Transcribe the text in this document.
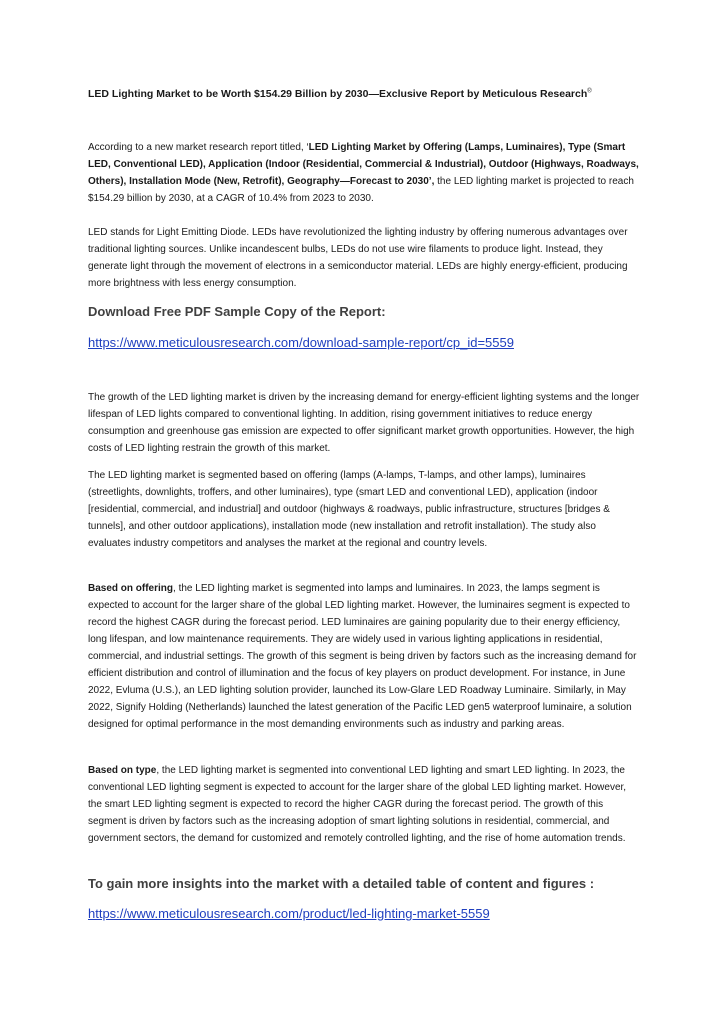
LED Lighting Market to be Worth $154.29 Billion by 2030—Exclusive Report by Meticulous Research®

According to a new market research report titled, ‘LED Lighting Market by Offering (Lamps, Luminaires), Type (Smart LED, Conventional LED), Application (Indoor (Residential, Commercial & Industrial), Outdoor (Highways, Roadways, Others), Installation Mode (New, Retrofit), Geography—Forecast to 2030’, the LED lighting market is projected to reach $154.29 billion by 2030, at a CAGR of 10.4% from 2023 to 2030.

LED stands for Light Emitting Diode. LEDs have revolutionized the lighting industry by offering numerous advantages over traditional lighting sources. Unlike incandescent bulbs, LEDs do not use wire filaments to produce light. Instead, they generate light through the movement of electrons in a semiconductor material. LEDs are highly energy-efficient, producing more brightness with less energy consumption.

Download Free PDF Sample Copy of the Report:
https://www.meticulousresearch.com/download-sample-report/cp_id=5559

The growth of the LED lighting market is driven by the increasing demand for energy-efficient lighting systems and the longer lifespan of LED lights compared to conventional lighting. In addition, rising government initiatives to reduce energy consumption and greenhouse gas emission are expected to offer significant market growth opportunities. However, the high costs of LED lighting restrain the growth of this market.

The LED lighting market is segmented based on offering (lamps (A-lamps, T-lamps, and other lamps), luminaires (streetlights, downlights, troffers, and other luminaires), type (smart LED and conventional LED), application (indoor [residential, commercial, and industrial] and outdoor (highways & roadways, public infrastructure, structures [bridges & tunnels], and other outdoor applications), installation mode (new installation and retrofit installation). The study also evaluates industry competitors and analyses the market at the regional and country levels.

Based on offering, the LED lighting market is segmented into lamps and luminaires. In 2023, the lamps segment is expected to account for the larger share of the global LED lighting market. However, the luminaires segment is expected to record the highest CAGR during the forecast period. LED luminaires are gaining popularity due to their energy efficiency, long lifespan, and low maintenance requirements. They are widely used in various lighting applications in residential, commercial, and industrial settings. The growth of this segment is being driven by factors such as the increasing demand for efficient distribution and control of illumination and the focus of key players on product development. For instance, in June 2022, Evluma (U.S.), an LED lighting solution provider, launched its Low-Glare LED Roadway Luminaire. Similarly, in May 2022, Signify Holding (Netherlands) launched the latest generation of the Pacific LED gen5 waterproof luminaire, a solution designed for optimal performance in the most demanding environments such as industry and parking areas.

Based on type, the LED lighting market is segmented into conventional LED lighting and smart LED lighting. In 2023, the conventional LED lighting segment is expected to account for the larger share of the global LED lighting market. However, the smart LED lighting segment is expected to record the higher CAGR during the forecast period. The growth of this segment is driven by factors such as the increasing adoption of smart lighting solutions in residential, commercial, and government sectors, the demand for customized and remotely controlled lighting, and the rise of home automation trends.

To gain more insights into the market with a detailed table of content and figures :
https://www.meticulousresearch.com/product/led-lighting-market-5559
